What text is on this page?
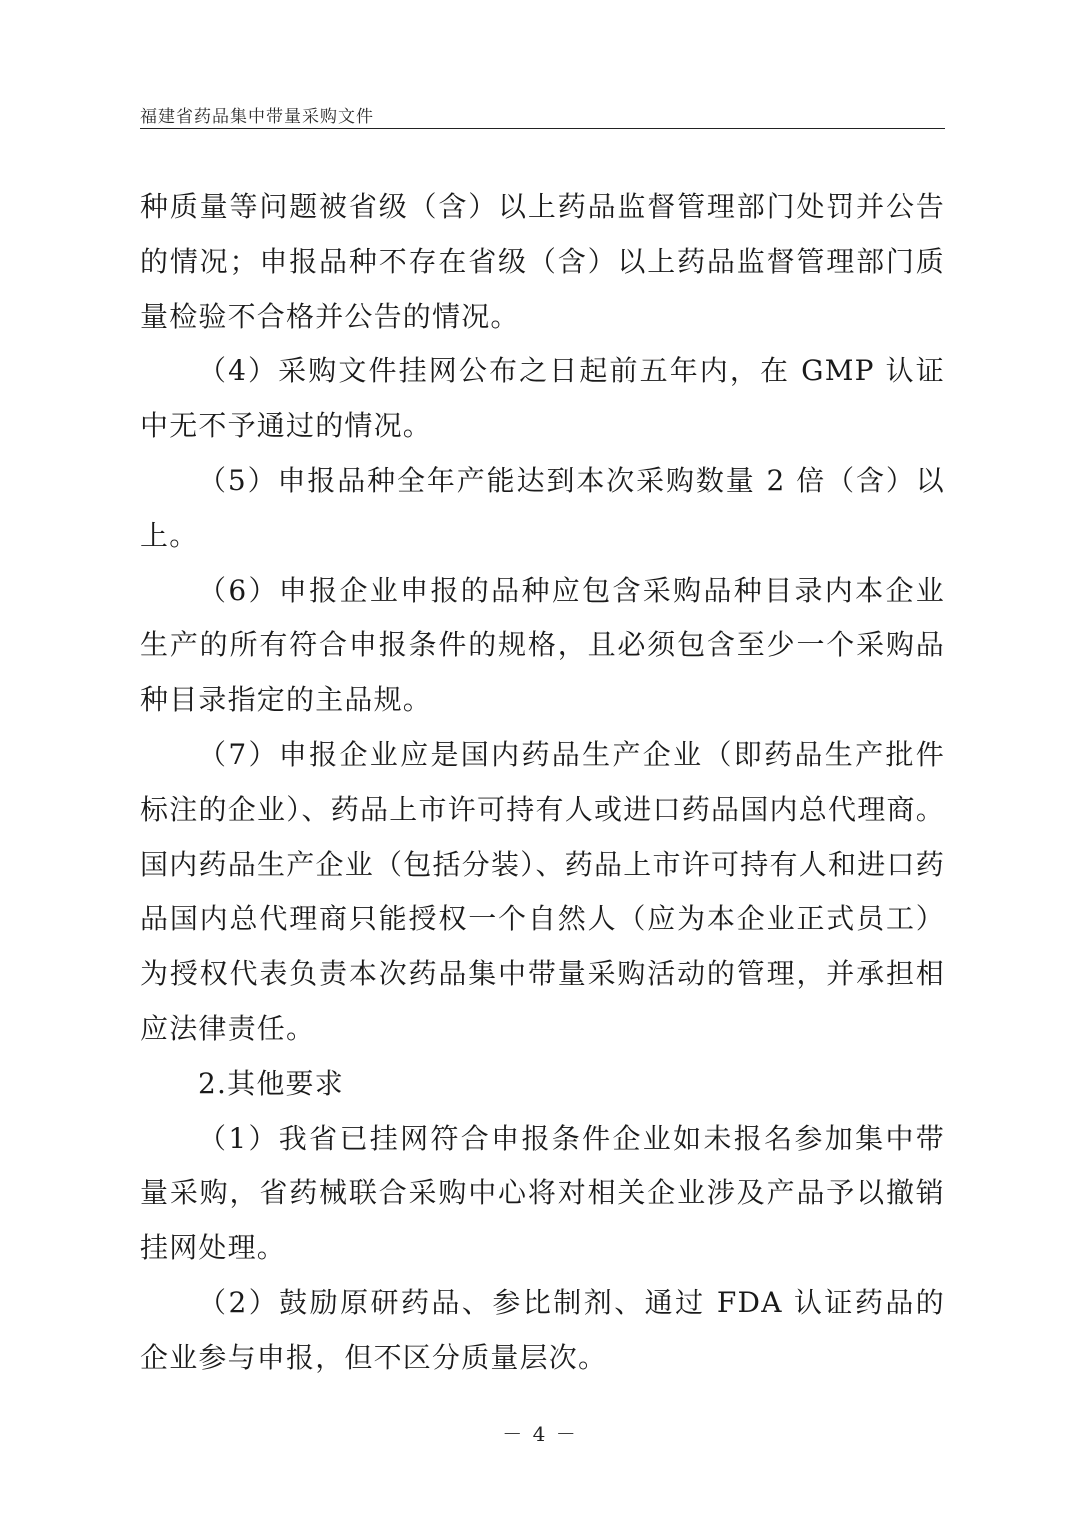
福建省药品集中带量采购文件

种质量等问题被省级（含）以上药品监督管理部门处罚并公告的情况；申报品种不存在省级（含）以上药品监督管理部门质量检验不合格并公告的情况。

（4）采购文件挂网公布之日起前五年内，在 GMP 认证中无不予通过的情况。

（5）申报品种全年产能达到本次采购数量 2 倍（含）以上。

（6）申报企业申报的品种应包含采购品种目录内本企业生产的所有符合申报条件的规格，且必须包含至少一个采购品种目录指定的主品规。

（7）申报企业应是国内药品生产企业（即药品生产批件标注的企业）、药品上市许可持有人或进口药品国内总代理商。国内药品生产企业（包括分装）、药品上市许可持有人和进口药品国内总代理商只能授权一个自然人（应为本企业正式员工）为授权代表负责本次药品集中带量采购活动的管理，并承担相应法律责任。

2.其他要求

（1）我省已挂网符合申报条件企业如未报名参加集中带量采购，省药械联合采购中心将对相关企业涉及产品予以撤销挂网处理。

（2）鼓励原研药品、参比制剂、通过 FDA 认证药品的企业参与申报，但不区分质量层次。

－ 4 －
